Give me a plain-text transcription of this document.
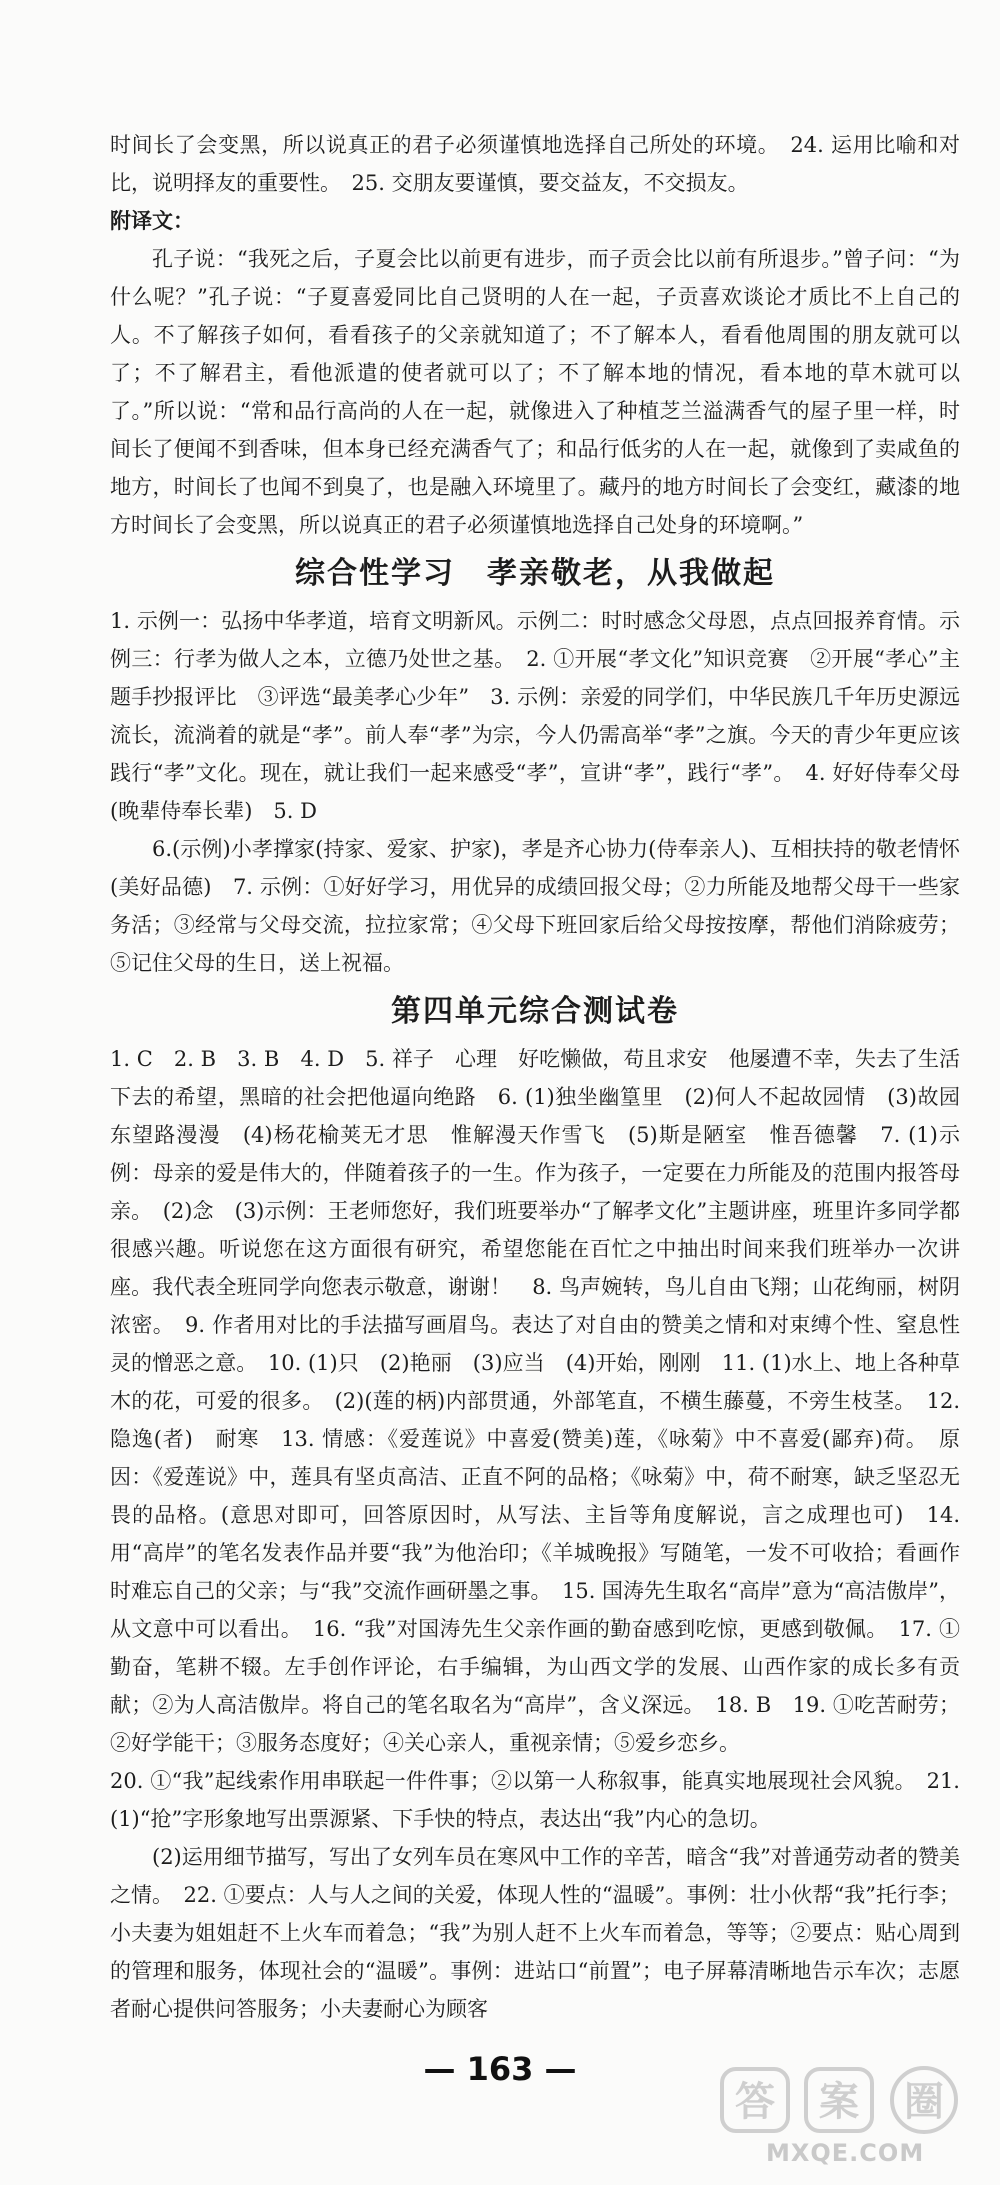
时间长了会变黑，所以说真正的君子必须谨慎地选择自己所处的环境。　24. 运用比喻和对比，说明择友的重要性。　25. 交朋友要谨慎，要交益友，不交损友。

附译文：

孔子说：“我死之后，子夏会比以前更有进步，而子贡会比以前有所退步。”曾子问：“为什么呢？”孔子说：“子夏喜爱同比自己贤明的人在一起，子贡喜欢谈论才质比不上自己的人。不了解孩子如何，看看孩子的父亲就知道了；不了解本人，看看他周围的朋友就可以了；不了解君主，看他派遣的使者就可以了；不了解本地的情况，看本地的草木就可以了。”所以说：“常和品行高尚的人在一起，就像进入了种植芝兰溢满香气的屋子里一样，时间长了便闻不到香味，但本身已经充满香气了；和品行低劣的人在一起，就像到了卖咸鱼的地方，时间长了也闻不到臭了，也是融入环境里了。藏丹的地方时间长了会变红，藏漆的地方时间长了会变黑，所以说真正的君子必须谨慎地选择自己处身的环境啊。”

综合性学习　孝亲敬老，从我做起

1. 示例一：弘扬中华孝道，培育文明新风。示例二：时时感念父母恩，点点回报养育情。示例三：行孝为做人之本，立德乃处世之基。　2. ①开展“孝文化”知识竞赛　②开展“孝心”主题手抄报评比　③评选“最美孝心少年”　3. 示例：亲爱的同学们，中华民族几千年历史源远流长，流淌着的就是“孝”。前人奉“孝”为宗，今人仍需高举“孝”之旗。今天的青少年更应该践行“孝”文化。现在，就让我们一起来感受“孝”，宣讲“孝”，践行“孝”。　4. 好好侍奉父母(晚辈侍奉长辈)　5. D

6.(示例)小孝撑家(持家、爱家、护家)，孝是齐心协力(侍奉亲人)、互相扶持的敬老情怀(美好品德)　7. 示例：①好好学习，用优异的成绩回报父母；②力所能及地帮父母干一些家务活；③经常与父母交流，拉拉家常；④父母下班回家后给父母按按摩，帮他们消除疲劳；⑤记住父母的生日，送上祝福。

第四单元综合测试卷

1. C　2. B　3. B　4. D　5. 祥子　心理　好吃懒做，苟且求安　他屡遭不幸，失去了生活下去的希望，黑暗的社会把他逼向绝路　6. (1)独坐幽篁里　(2)何人不起故园情　(3)故园东望路漫漫　(4)杨花榆荚无才思　惟解漫天作雪飞　(5)斯是陋室　惟吾德馨　7. (1)示例：母亲的爱是伟大的，伴随着孩子的一生。作为孩子，一定要在力所能及的范围内报答母亲。　(2)念　(3)示例：王老师您好，我们班要举办“了解孝文化”主题讲座，班里许多同学都很感兴趣。听说您在这方面很有研究，希望您能在百忙之中抽出时间来我们班举办一次讲座。我代表全班同学向您表示敬意，谢谢！　8. 鸟声婉转，鸟儿自由飞翔；山花绚丽，树阴浓密。　9. 作者用对比的手法描写画眉鸟。表达了对自由的赞美之情和对束缚个性、窒息性灵的憎恶之意。　10. (1)只　(2)艳丽　(3)应当　(4)开始，刚刚　11. (1)水上、地上各种草木的花，可爱的很多。　(2)(莲的柄)内部贯通，外部笔直，不横生藤蔓，不旁生枝茎。　12. 隐逸(者)　耐寒　13. 情感：《爱莲说》中喜爱(赞美)莲，《咏菊》中不喜爱(鄙弃)荷。　原因：《爱莲说》中，莲具有坚贞高洁、正直不阿的品格；《咏菊》中，荷不耐寒，缺乏坚忍无畏的品格。(意思对即可，回答原因时，从写法、主旨等角度解说，言之成理也可)　14. 用“高岸”的笔名发表作品并要“我”为他治印；《羊城晚报》写随笔，一发不可收拾；看画作时难忘自己的父亲；与“我”交流作画研墨之事。　15. 国涛先生取名“高岸”意为“高洁傲岸”，从文意中可以看出。　16. “我”对国涛先生父亲作画的勤奋感到吃惊，更感到敬佩。　17. ①勤奋，笔耕不辍。左手创作评论，右手编辑，为山西文学的发展、山西作家的成长多有贡献；②为人高洁傲岸。将自己的笔名取名为“高岸”，含义深远。　18. B　19. ①吃苦耐劳；②好学能干；③服务态度好；④关心亲人，重视亲情；⑤爱乡恋乡。

20. ①“我”起线索作用串联起一件件事；②以第一人称叙事，能真实地展现社会风貌。　21. (1)“抢”字形象地写出票源紧、下手快的特点，表达出“我”内心的急切。

(2)运用细节描写，写出了女列车员在寒风中工作的辛苦，暗含“我”对普通劳动者的赞美之情。　22. ①要点：人与人之间的关爱，体现人性的“温暖”。事例：壮小伙帮“我”托行李；小夫妻为姐姐赶不上火车而着急；“我”为别人赶不上火车而着急，等等；②要点：贴心周到的管理和服务，体现社会的“温暖”。事例：进站口“前置”；电子屏幕清晰地告示车次；志愿者耐心提供问答服务；小夫妻耐心为顾客

— 163 —
答 案 圈
MXQE.COM
